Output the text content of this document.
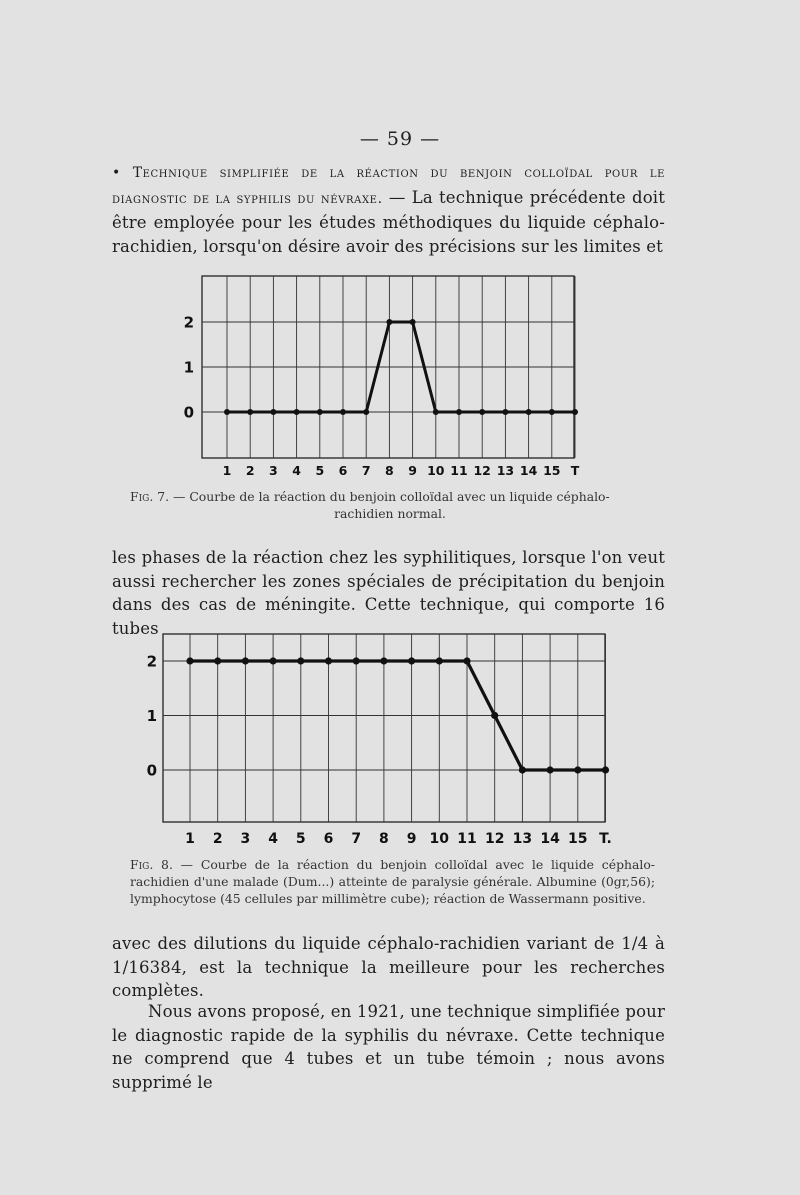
— 59 —
• Technique simplifiée de la réaction du benjoin colloïdal pour le diagnostic de la syphilis du névraxe. — La technique précédente doit être employée pour les études méthodiques du liquide céphalo-rachidien, lorsqu'on désire avoir des précisions sur les limites et
2
1
0
1 2 3 4 5 6 7 8 9 10 11 12 13 14 15 T
Fig. 7. — Courbe de la réaction du benjoin colloïdal avec un liquide céphalo-
rachidien normal.
les phases de la réaction chez les syphilitiques, lorsque l'on veut aussi rechercher les zones spéciales de précipitation du benjoin dans des cas de méningite. Cette technique, qui comporte 16 tubes
2
1
0
1 2 3 4 5 6 7 8 9 10 11 12 13 14 15 T.
Fig. 8. — Courbe de la réaction du benjoin colloïdal avec le liquide céphalo-rachidien d'une malade (Dum...) atteinte de paralysie générale. Albumine (0gr,56); lymphocytose (45 cellules par millimètre cube); réaction de Wassermann positive.
avec des dilutions du liquide céphalo-rachidien variant de 1/4 à 1/16384, est la technique la meilleure pour les recherches complètes.
Nous avons proposé, en 1921, une technique simplifiée pour le diagnostic rapide de la syphilis du névraxe. Cette technique ne comprend que 4 tubes et un tube témoin ; nous avons supprimé le
